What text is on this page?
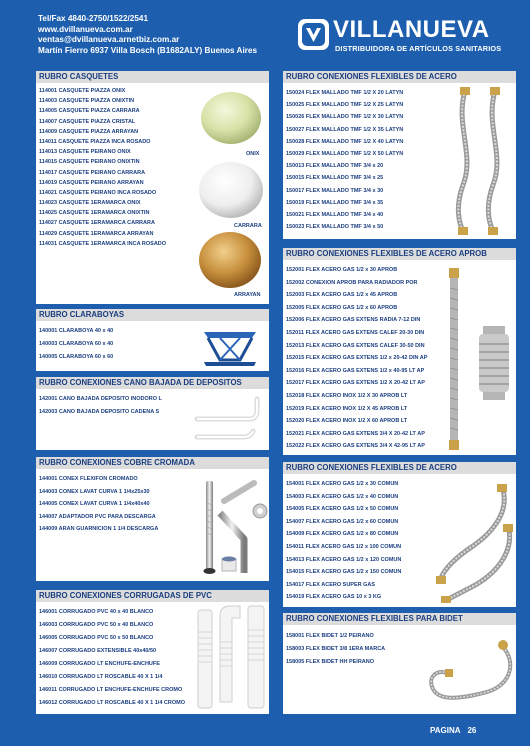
Tel/Fax 4840-2750/1522/2541
www.dvillanueva.com.ar
ventas@dvillanueva.arnetbiz.com.ar
Martín Fierro 6937 Villa Bosch (B1682ALY) Buenos Aires
VILLANUEVA
DISTRIBUIDORA DE ARTÍCULOS SANITARIOS
RUBRO CASQUETES
114001 CASQUETE PIAZZA ONIX
114003 CASQUETE PIAZZA ONIXTIN
114005 CASQUETE PIAZZA CARRARA
114007 CASQUETE PIAZZA CRISTAL
114009 CASQUETE PIAZZA ARRAYAN
114011 CASQUETE PIAZZA INCA ROSADO
114013 CASQUETE PEIRANO ONIX
114015 CASQUETE PEIRANO ONIXTIN
114017 CASQUETE PEIRANO CARRARA
114019 CASQUETE PEIRANO ARRAYAN
114021 CASQUETE PEIRANO INCA ROSADO
114023 CASQUETE 1ERAMARCA ONIX
114025 CASQUETE 1ERAMARCA ONIXTIN
114027 CASQUETE 1ERAMARCA CARRARA
114029 CASQUETE 1ERAMARCA ARRAYAN
114031 CASQUETE 1ERAMARCA INCA ROSADO
ONIX
CARRARA
ARRAYAN
RUBRO CLARABOYAS
140001 CLARABOYA 40 x 40
140003 CLARABOYA 60 x 40
140005 CLARABOYA 60 x 60
RUBRO CONEXIONES CANO BAJADA DE DEPOSITOS
142001 CANO BAJADA DEPOSITO INODORO L
142003 CANO BAJADA DEPOSITO CADENA S
RUBRO CONEXIONES COBRE CROMADA
144001 CONEX FLEXIFON CROMADO
144003 CONEX LAVAT CURVA 1 1/4x25x30
144005 CONEX LAVAT CURVA 1 1/4x40x40
144007 ADAPTADOR PVC PARA DESCARGA
144009 ARAN GUARNICION 1 1/4 DESCARGA
RUBRO CONEXIONES CORRUGADAS DE PVC
146001 CORRUGADO PVC 40 x 40 BLANCO
146003 CORRUGADO PVC 50 x 40 BLANCO
146005 CORRUGADO PVC 50 x 50 BLANCO
146007 CORRUGADO EXTENSIBLE 40x40/50
146009 CORRUGADO LT ENCHUFE-ENCHUFE
146010 CORRUGADO LT ROSCABLE 40 X 1 1/4
146011 CORRUGADO LT ENCHUFE-ENCHUFE CROMO
146012 CORRUGADO LT ROSCABLE 40 X 1 1/4 CROMO
RUBRO CONEXIONES FLEXIBLES DE ACERO
150024 FLEX MALLADO TMF 1/2 X 20 LATYN
150025 FLEX MALLADO TMF 1/2 X 25 LATYN
150026 FLEX MALLADO TMF 1/2 X 30 LATYN
150027 FLEX MALLADO TMF 1/2 X 35 LATYN
150028 FLEX MALLADO TMF 1/2 X 40 LATYN
150029 FLEX MALLADO TMF 1/2 X 50 LATYN
150013 FLEX MALLADO TMF 3/4 x 20
150015 FLEX MALLADO TMF 3/4 x 25
150017 FLEX MALLADO TMF 3/4 x 30
150019 FLEX MALLADO TMF 3/4 x 35
150021 FLEX MALLADO TMF 3/4 x 40
150023 FLEX MALLADO TMF 3/4 x 50
RUBRO CONEXIONES FLEXIBLES DE ACERO APROB
152001 FLEX ACERO GAS 1/2 x 30 APROB
152002 CONEXION APROB PARA RADIADOR POR
152003 FLEX ACERO GAS 1/2 x 45 APROB
152005 FLEX ACERO GAS 1/2 x 60 APROB
152006 FLEX ACERO GAS EXTENS RADIA 7-12 DIN
152011 FLEX ACERO GAS EXTENS CALEF 20-30 DIN
152013 FLEX ACERO GAS EXTENS CALEF 30-50 DIN
152015 FLEX ACERO GAS EXTENS 1/2 x 20-42 DIN AP
152016 FLEX ACERO GAS EXTENS 1/2 x 40-95 LT AP
152017 FLEX ACERO GAS EXTENS 1/2 X 20-42 LT AP
152018 FLEX ACERO INOX 1/2 X 30 APROB LT
152019 FLEX ACERO INOX 1/2 X 45 APROB LT
152020 FLEX ACERO INOX 1/2 X 60 APROB LT
152021 FLEX ACERO GAS EXTENS 3/4 X 20-42 LT AP
152022 FLEX ACERO GAS EXTENS 3/4 X 42-95 LT AP
RUBRO CONEXIONES FLEXIBLES DE ACERO
154001 FLEX ACERO GAS 1/2 x 30 COMUN
154003 FLEX ACERO GAS 1/2 x 40 COMUN
154005 FLEX ACERO GAS 1/2 x 50 COMUN
154007 FLEX ACERO GAS 1/2 x 60 COMUN
154009 FLEX ACERO GAS 1/2 x 80 COMUN
154011 FLEX ACERO GAS 1/2 x 100 COMUN
154013 FLEX ACERO GAS 1/2 x 120 COMUN
154015 FLEX ACERO GAS 1/2 x 150 COMUN
154017 FLEX ACERO SUPER GAS
154019 FLEX ACERO GAS 10 x 3 KG
RUBRO CONEXIONES FLEXIBLES PARA BIDET
158001 FLEX BIDET 1/2 PEIRANO
158003 FLEX BIDET 3/8 1ERA MARCA
158005 FLEX BIDET HH PEIRANO
PAGINA 26
